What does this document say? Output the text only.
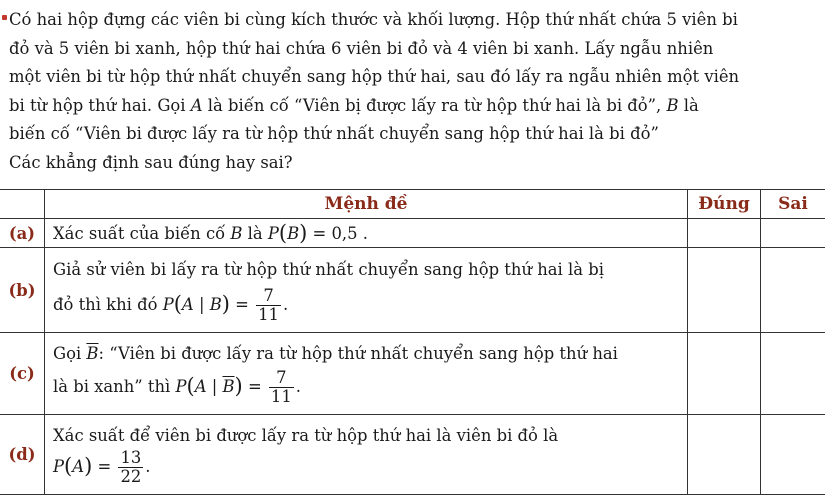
Có hai hộp đựng các viên bi cùng kích thước và khối lượng. Hộp thứ nhất chứa 5 viên bi

đỏ và 5 viên bi xanh, hộp thứ hai chứa 6 viên bi đỏ và 4 viên bi xanh. Lấy ngẫu nhiên

một viên bi từ hộp thứ nhất chuyển sang hộp thứ hai, sau đó lấy ra ngẫu nhiên một viên

bi từ hộp thứ hai. Gọi A là biến cố “Viên bị được lấy ra từ hộp thứ hai là bi đỏ”, B là

biến cố “Viên bi được lấy ra từ hộp thứ nhất chuyển sang hộp thứ hai là bi đỏ”

Các khẳng định sau đúng hay sai?

	Mệnh đề	Đúng	Sai
(a)	Xác suất của biến cố B là P(B) = 0,5 .		

(b)	Giả sử viên bi lấy ra từ hộp thứ nhất chuyển sang hộp thứ hai là bị
đỏ thì khi đó P(A | $B) = \frac{7}{11}$ .		

(c)	Gọi $\overline{B}$: “Viên bi được lấy ra từ hộp thứ nhất chuyển sang hộp thứ hai
là bi xanh” thì P(A | $\overline{B}) = \frac{7}{11}$ .		

(d)	Xác suất để viên bi được lấy ra từ hộp thứ hai là viên bi đỏ là
$P(A) = \frac{13}{22}$ .		
